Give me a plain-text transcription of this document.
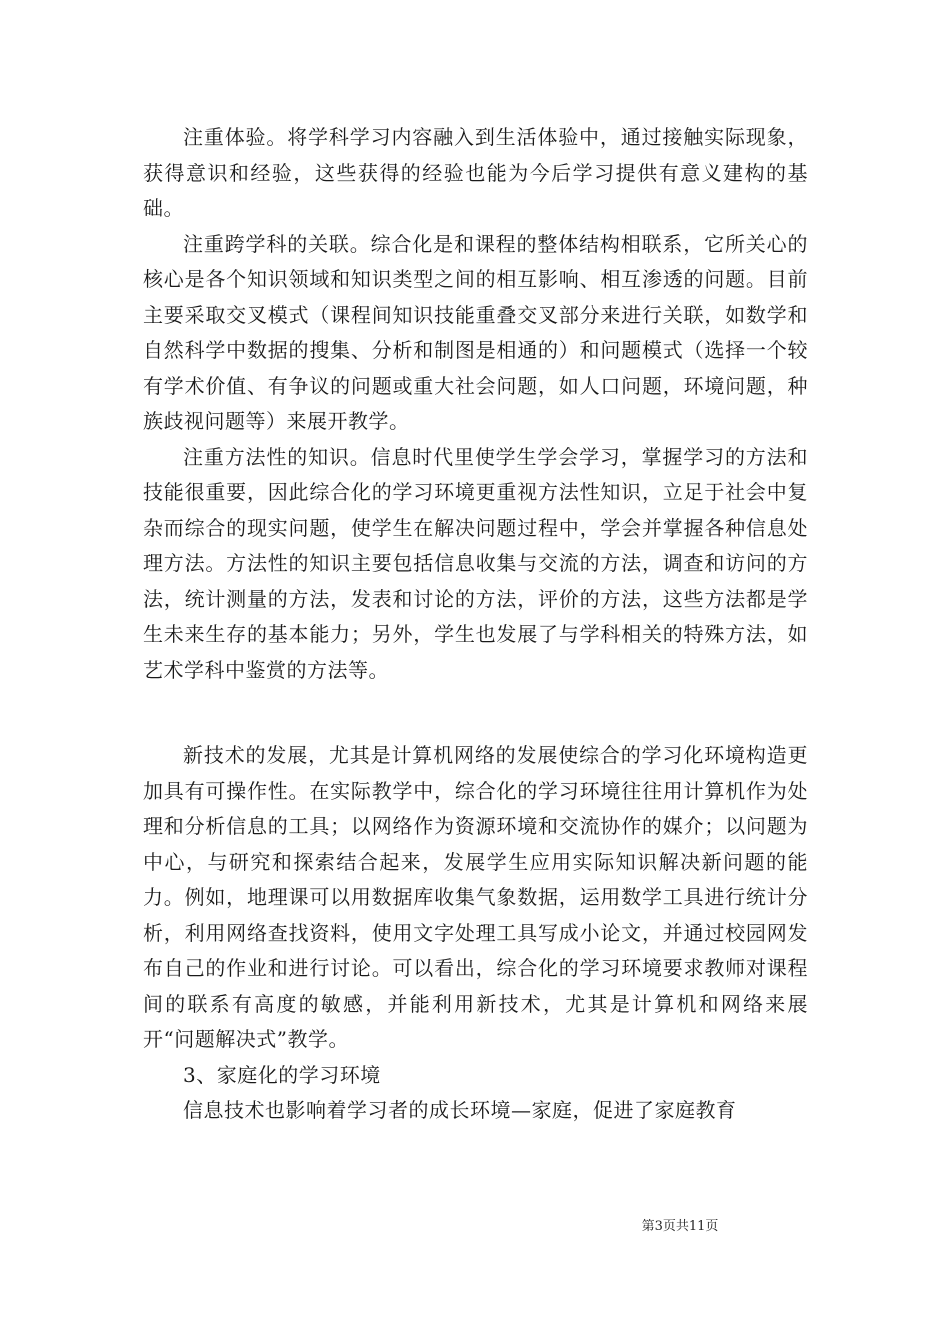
注重体验。将学科学习内容融入到生活体验中，通过接触实际现象，获得意识和经验，这些获得的经验也能为今后学习提供有意义建构的基础。

注重跨学科的关联。综合化是和课程的整体结构相联系，它所关心的核心是各个知识领域和知识类型之间的相互影响、相互渗透的问题。目前主要采取交叉模式（课程间知识技能重叠交叉部分来进行关联，如数学和自然科学中数据的搜集、分析和制图是相通的）和问题模式（选择一个较有学术价值、有争议的问题或重大社会问题，如人口问题，环境问题，种族歧视问题等）来展开教学。

注重方法性的知识。信息时代里使学生学会学习，掌握学习的方法和技能很重要，因此综合化的学习环境更重视方法性知识，立足于社会中复杂而综合的现实问题，使学生在解决问题过程中，学会并掌握各种信息处理方法。方法性的知识主要包括信息收集与交流的方法，调查和访问的方法，统计测量的方法，发表和讨论的方法，评价的方法，这些方法都是学生未来生存的基本能力；另外，学生也发展了与学科相关的特殊方法，如艺术学科中鉴赏的方法等。

新技术的发展，尤其是计算机网络的发展使综合的学习化环境构造更加具有可操作性。在实际教学中，综合化的学习环境往往用计算机作为处理和分析信息的工具；以网络作为资源环境和交流协作的媒介；以问题为中心，与研究和探索结合起来，发展学生应用实际知识解决新问题的能力。例如，地理课可以用数据库收集气象数据，运用数学工具进行统计分析，利用网络查找资料，使用文字处理工具写成小论文，并通过校园网发布自己的作业和进行讨论。可以看出，综合化的学习环境要求教师对课程间的联系有高度的敏感，并能利用新技术，尤其是计算机和网络来展开“问题解决式”教学。

3、家庭化的学习环境

信息技术也影响着学习者的成长环境—家庭，促进了家庭教育

第3页共11页
